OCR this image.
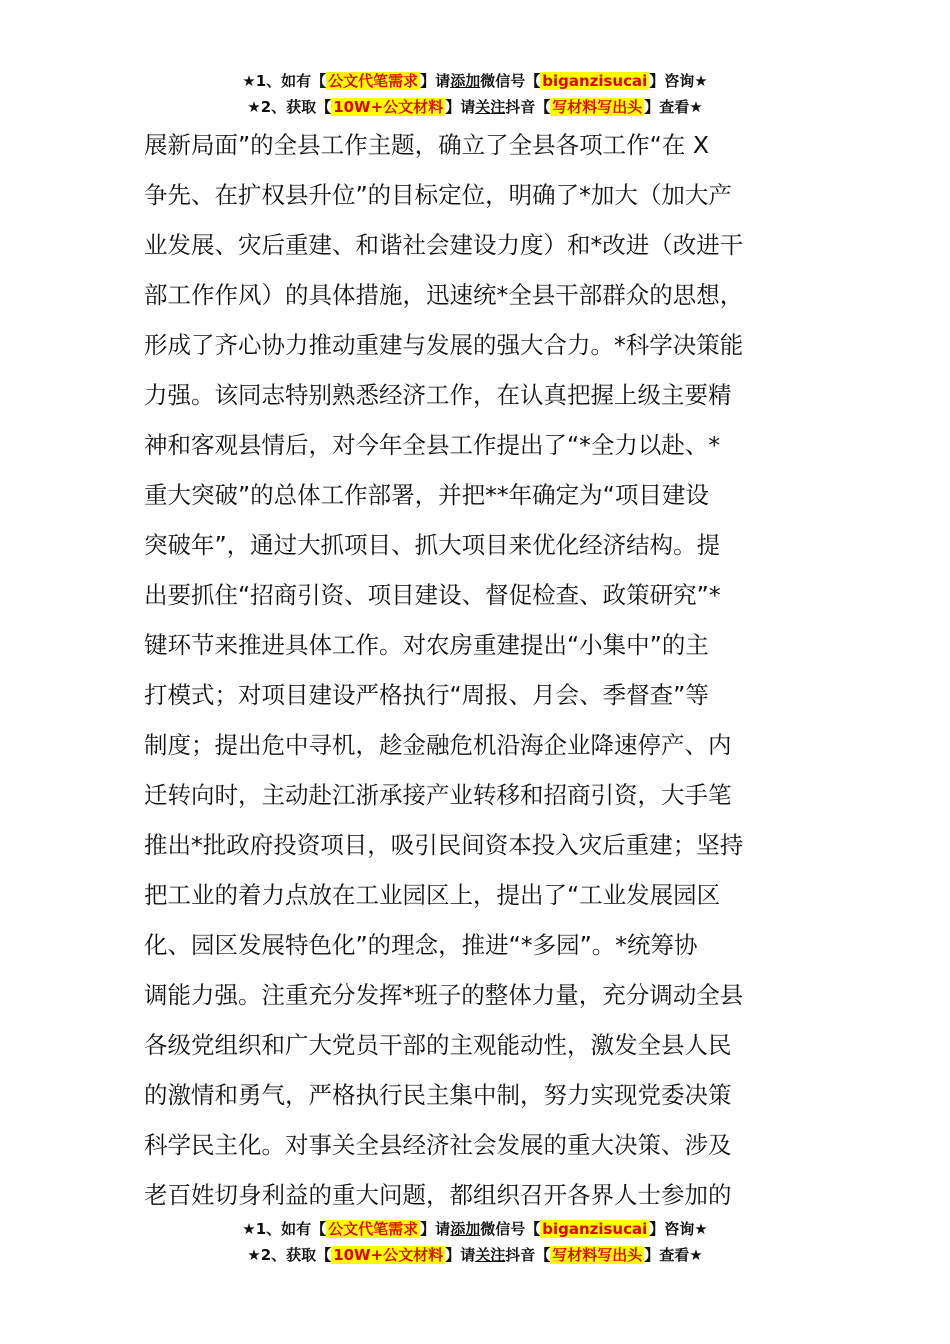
★1、如有【 公文代笔需求 】请添加微信号【 biganzisucai 】咨询★
★2、获取【 10W+公文材料 】请关注抖音【 写材料写出头 】查看★

展新局面”的全县工作主题，确立了全县各项工作“在 X

争先、在扩权县升位”的目标定位，明确了*加大（加大产

业发展、灾后重建、和谐社会建设力度）和*改进（改进干

部工作作风）的具体措施，迅速统*全县干部群众的思想，

形成了齐心协力推动重建与发展的强大合力。*科学决策能

力强。该同志特别熟悉经济工作，在认真把握上级主要精

神和客观县情后，对今年全县工作提出了“*全力以赴、*

重大突破”的总体工作部署，并把**年确定为“项目建设

突破年”，通过大抓项目、抓大项目来优化经济结构。提

出要抓住“招商引资、项目建设、督促检查、政策研究”*

键环节来推进具体工作。对农房重建提出“小集中”的主

打模式；对项目建设严格执行“周报、月会、季督查”等

制度；提出危中寻机，趁金融危机沿海企业降速停产、内

迁转向时，主动赴江浙承接产业转移和招商引资，大手笔

推出*批政府投资项目，吸引民间资本投入灾后重建；坚持

把工业的着力点放在工业园区上，提出了“工业发展园区

化、园区发展特色化”的理念，推进“*多园”。*统筹协

调能力强。注重充分发挥*班子的整体力量，充分调动全县

各级党组织和广大党员干部的主观能动性，激发全县人民

的激情和勇气，严格执行民主集中制，努力实现党委决策

科学民主化。对事关全县经济社会发展的重大决策、涉及

老百姓切身利益的重大问题，都组织召开各界人士参加的

★1、如有【 公文代笔需求 】请添加微信号【 biganzisucai 】咨询★
★2、获取【 10W+公文材料 】请关注抖音【 写材料写出头 】查看★
